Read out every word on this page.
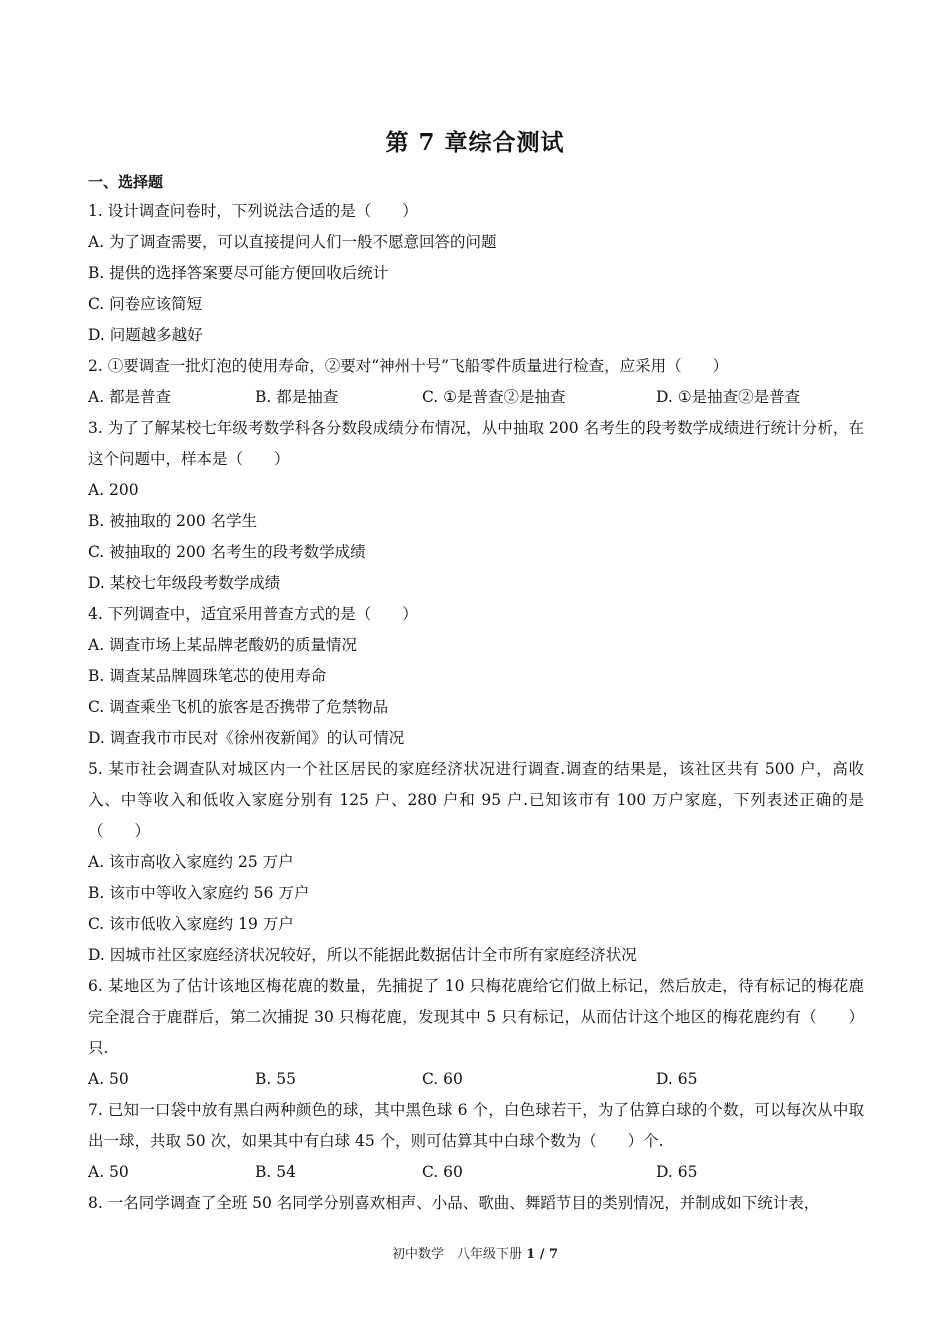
第 7 章综合测试
一、选择题
1. 设计调查问卷时，下列说法合适的是（　　）
A. 为了调查需要，可以直接提问人们一般不愿意回答的问题
B. 提供的选择答案要尽可能方便回收后统计
C. 问卷应该简短
D. 问题越多越好
2. ①要调查一批灯泡的使用寿命，②要对“神州十号”飞船零件质量进行检查，应采用（　　）
A. 都是普查	B. 都是抽查	C. ①是普查②是抽查	D. ①是抽查②是普查
3. 为了了解某校七年级考数学科各分数段成绩分布情况，从中抽取 200 名考生的段考数学成绩进行统计分析，在这个问题中，样本是（　　）
A. 200
B. 被抽取的 200 名学生
C. 被抽取的 200 名考生的段考数学成绩
D. 某校七年级段考数学成绩
4. 下列调查中，适宜采用普查方式的是（　　）
A. 调查市场上某品牌老酸奶的质量情况
B. 调查某品牌圆珠笔芯的使用寿命
C. 调查乘坐飞机的旅客是否携带了危禁物品
D. 调查我市市民对《徐州夜新闻》的认可情况
5. 某市社会调查队对城区内一个社区居民的家庭经济状况进行调查.调查的结果是，该社区共有 500 户，高收入、中等收入和低收入家庭分别有 125 户、280 户和 95 户.已知该市有 100 万户家庭，下列表述正确的是（　　）
A. 该市高收入家庭约 25 万户
B. 该市中等收入家庭约 56 万户
C. 该市低收入家庭约 19 万户
D. 因城市社区家庭经济状况较好，所以不能据此数据估计全市所有家庭经济状况
6. 某地区为了估计该地区梅花鹿的数量，先捕捉了 10 只梅花鹿给它们做上标记，然后放走，待有标记的梅花鹿完全混合于鹿群后，第二次捕捉 30 只梅花鹿，发现其中 5 只有标记，从而估计这个地区的梅花鹿约有（　　）只.
A. 50	B. 55	C. 60	D. 65
7. 已知一口袋中放有黑白两种颜色的球，其中黑色球 6 个，白色球若干，为了估算白球的个数，可以每次从中取出一球，共取 50 次，如果其中有白球 45 个，则可估算其中白球个数为（　　）个.
A. 50	B. 54	C. 60	D. 65
8. 一名同学调查了全班 50 名同学分别喜欢相声、小品、歌曲、舞蹈节目的类别情况，并制成如下统计表，
初中数学　八年级下册 1 / 7
